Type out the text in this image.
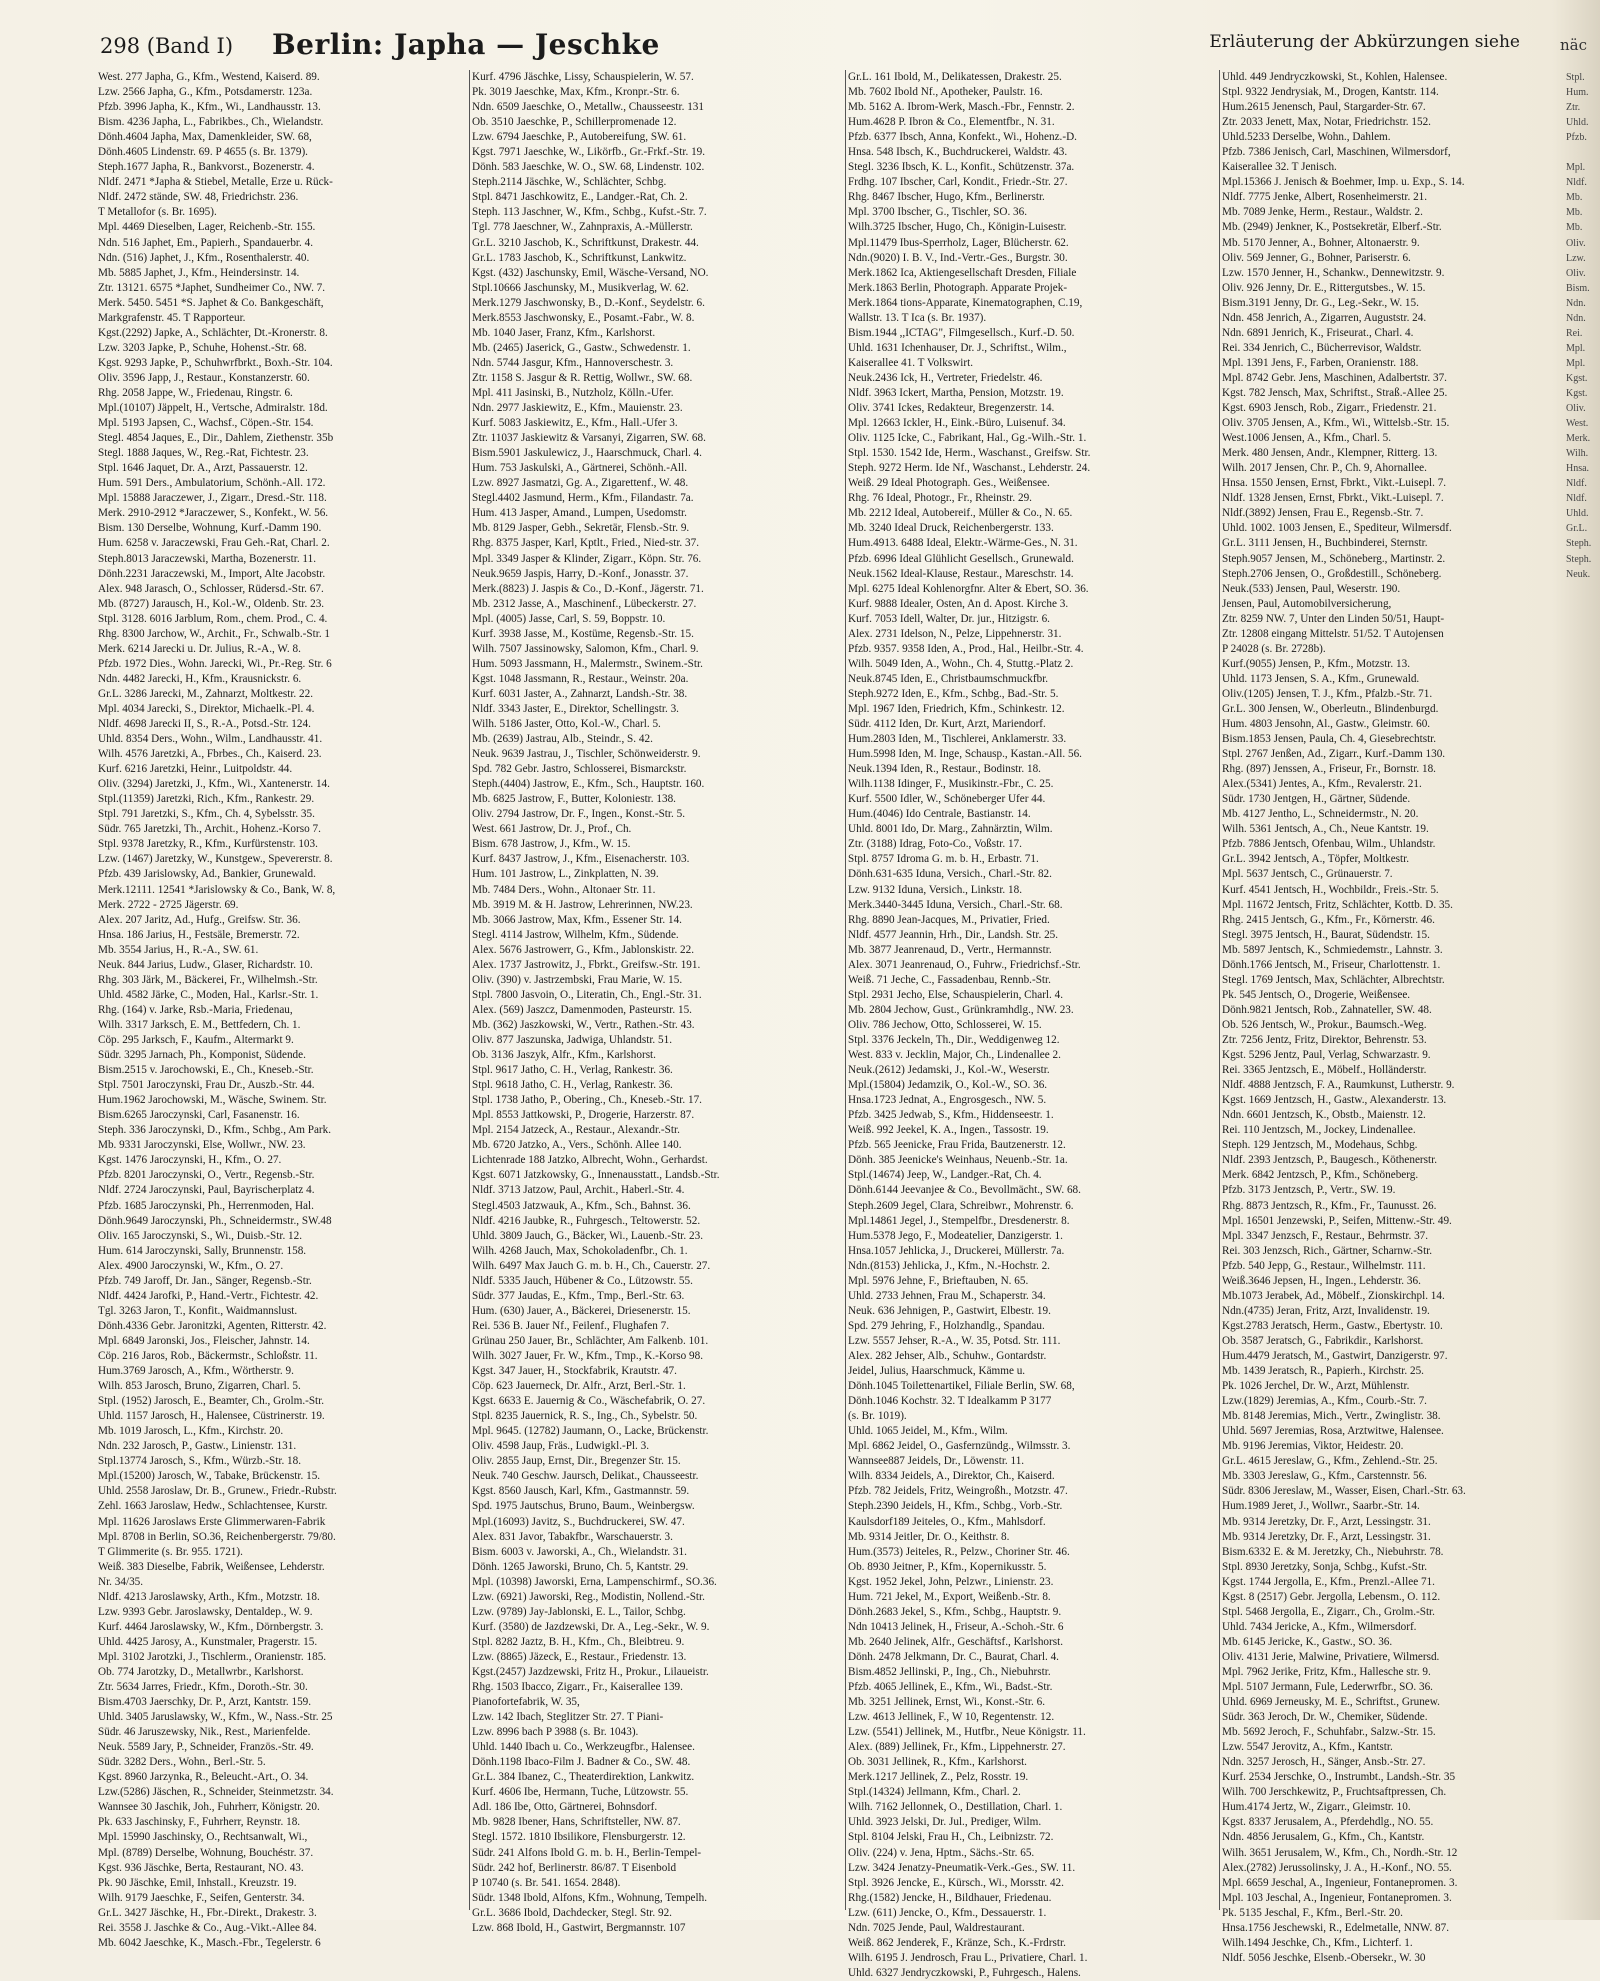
298 (Band I) Berlin: Japha — Jeschke	Erläuterung der Abkürzungen siehe	näc
West. 277 Japha, G., Kfm., Westend, Kaiserd. 89.
Lzw. 2566 Japha, G., Kfm., Potsdamerstr. 123a.
Pfzb. 3996 Japha, K., Kfm., Wi., Landhausstr. 13.
Bism. 4236 Japha, L., Fabrikbes., Ch., Wielandstr.
Dönh.4604 Japha, Max, Damenkleider, SW. 68,
Dönh.4605 Lindenstr. 69. P 4655 (s. Br. 1379).
Steph.1677 Japha, R., Bankvorst., Bozenerstr. 4.
Nldf. 2471 *Japha & Stiebel, Metalle, Erze u. Rück-
Nldf. 2472 stände, SW. 48, Friedrichstr. 236.
T Metallofor (s. Br. 1695).
Mpl. 4469 Dieselben, Lager, Reichenb.-Str. 155.
Ndn. 516 Japhet, Em., Papierh., Spandauerbr. 4.
Ndn. (516) Japhet, J., Kfm., Rosenthalerstr. 40.
Mb. 5885 Japhet, J., Kfm., Heindersinstr. 14.
Ztr. 13121. 6575 *Japhet, Sundheimer Co., NW. 7.
Merk. 5450. 5451 *S. Japhet & Co. Bankgeschäft,
Markgrafenstr. 45. T Rapporteur.
Kgst.(2292) Japke, A., Schlächter, Dt.-Kronerstr. 8.
Lzw. 3203 Japke, P., Schuhe, Hohenst.-Str. 68.
Kgst. 9293 Japke, P., Schuhwrfbrkt., Boxh.-Str. 104.
Oliv. 3596 Japp, J., Restaur., Konstanzerstr. 60.
Rhg. 2058 Jappe, W., Friedenau, Ringstr. 6.
Mpl.(10107) Jäppelt, H., Vertsche, Admiralstr. 18d.
Mpl. 5193 Japsen, C., Wachsf., Cöpen.-Str. 154.
Stegl. 4854 Jaques, E., Dir., Dahlem, Ziethenstr. 35b
Stegl. 1888 Jaques, W., Reg.-Rat, Fichtestr. 23.
Stpl. 1646 Jaquet, Dr. A., Arzt, Passauerstr. 12.
Hum. 591 Ders., Ambulatorium, Schönh.-All. 172.
Mpl. 15888 Jaraczewer, J., Zigarr., Dresd.-Str. 118.
Merk. 2910-2912 *Jaraczewer, S., Konfekt., W. 56.
Bism. 130 Derselbe, Wohnung, Kurf.-Damm 190.
Hum. 6258 v. Jaraczewski, Frau Geh.-Rat, Charl. 2.
Steph.8013 Jaraczewski, Martha, Bozenerstr. 11.
Dönh.2231 Jaraczewski, M., Import, Alte Jacobstr.
Alex. 948 Jarasch, O., Schlosser, Rüdersd.-Str. 67.
Mb. (8727) Jarausch, H., Kol.-W., Oldenb. Str. 23.
Stpl. 3128. 6016 Jarblum, Rom., chem. Prod., C. 4.
Rhg. 8300 Jarchow, W., Archit., Fr., Schwalb.-Str. 1
Merk. 6214 Jarecki u. Dr. Julius, R.-A., W. 8.
Pfzb. 1972 Dies., Wohn. Jarecki, Wi., Pr.-Reg. Str. 6
Ndn. 4482 Jarecki, H., Kfm., Krausnickstr. 6.
Gr.L. 3286 Jarecki, M., Zahnarzt, Moltkestr. 22.
Mpl. 4034 Jarecki, S., Direktor, Michaelk.-Pl. 4.
Nldf. 4698 Jarecki II, S., R.-A., Potsd.-Str. 124.
Uhld. 8354 Ders., Wohn., Wilm., Landhausstr. 41.
Wilh. 4576 Jaretzki, A., Fbrbes., Ch., Kaiserd. 23.
Kurf. 6216 Jaretzki, Heinr., Luitpoldstr. 44.
Oliv. (3294) Jaretzki, J., Kfm., Wi., Xantenerstr. 14.
Stpl.(11359) Jaretzki, Rich., Kfm., Rankestr. 29.
Stpl. 791 Jaretzki, S., Kfm., Ch. 4, Sybelsstr. 35.
Südr. 765 Jaretzki, Th., Archit., Hohenz.-Korso 7.
Stpl. 9378 Jaretzky, R., Kfm., Kurfürstenstr. 103.
Lzw. (1467) Jaretzky, W., Kunstgew., Spevererstr. 8.
Pfzb. 439 Jarislowsky, Ad., Bankier, Grunewald.
Merk.12111. 12541 *Jarislowsky & Co., Bank, W. 8,
Merk. 2722 - 2725 Jägerstr. 69.
Alex. 207 Jaritz, Ad., Hufg., Greifsw. Str. 36.
Hnsa. 186 Jarius, H., Festsäle, Bremerstr. 72.
Mb. 3554 Jarius, H., R.-A., SW. 61.
Neuk. 844 Jarius, Ludw., Glaser, Richardstr. 10.
Rhg. 303 Järk, M., Bäckerei, Fr., Wilhelmsh.-Str.
Uhld. 4582 Järke, C., Moden, Hal., Karlsr.-Str. 1.
Rhg. (164) v. Jarke, Rsb.-Maria, Friedenau,
Wilh. 3317 Jarksch, E. M., Bettfedern, Ch. 1.
Cöp. 295 Jarksch, F., Kaufm., Altermarkt 9.
Südr. 3295 Jarnach, Ph., Komponist, Südende.
Bism.2515 v. Jarochowski, E., Ch., Kneseb.-Str.
Stpl. 7501 Jaroczynski, Frau Dr., Auszb.-Str. 44.
Hum.1962 Jarochowski, M., Wäsche, Swinem. Str.
Bism.6265 Jaroczynski, Carl, Fasanenstr. 16.
Steph. 336 Jaroczynski, D., Kfm., Schbg., Am Park.
Mb. 9331 Jaroczynski, Else, Wollwr., NW. 23.
Kgst. 1476 Jaroczynski, H., Kfm., O. 27.
Pfzb. 8201 Jaroczynski, O., Vertr., Regensb.-Str.
Nldf. 2724 Jaroczynski, Paul, Bayrischerplatz 4.
Pfzb. 1685 Jaroczynski, Ph., Herrenmoden, Hal.
Dönh.9649 Jaroczynski, Ph., Schneidermstr., SW.48
Oliv. 165 Jaroczynski, S., Wi., Duisb.-Str. 12.
Hum. 614 Jaroczynski, Sally, Brunnenstr. 158.
Alex. 4900 Jaroczynski, W., Kfm., O. 27.
Pfzb. 749 Jaroff, Dr. Jan., Sänger, Regensb.-Str.
Nldf. 4424 Jarofki, P., Hand.-Vertr., Fichtestr. 42.
Tgl. 3263 Jaron, T., Konfit., Waidmannslust.
Dönh.4336 Gebr. Jaronitzki, Agenten, Ritterstr. 42.
Mpl. 6849 Jaronski, Jos., Fleischer, Jahnstr. 14.
Cöp. 216 Jaros, Rob., Bäckermstr., Schloßstr. 11.
Hum.3769 Jarosch, A., Kfm., Wörtherstr. 9.
Wilh. 853 Jarosch, Bruno, Zigarren, Charl. 5.
Stpl. (1952) Jarosch, E., Beamter, Ch., Grolm.-Str.
Uhld. 1157 Jarosch, H., Halensee, Cüstrinerstr. 19.
Mb. 1019 Jarosch, L., Kfm., Kirchstr. 20.
Ndn. 232 Jarosch, P., Gastw., Linienstr. 131.
Stpl.13774 Jarosch, S., Kfm., Würzb.-Str. 18.
Mpl.(15200) Jarosch, W., Tabake, Brückenstr. 15.
Uhld. 2558 Jaroslaw, Dr. B., Grunew., Friedr.-Rubstr.
Zehl. 1663 Jaroslaw, Hedw., Schlachtensee, Kurstr.
Mpl. 11626 Jaroslaws Erste Glimmerwaren-Fabrik
Mpl. 8708 in Berlin, SO.36, Reichenbergerstr. 79/80.
T Glimmerite (s. Br. 955. 1721).
Weiß. 383 Dieselbe, Fabrik, Weißensee, Lehderstr.
Nr. 34/35.
Nldf. 4213 Jaroslawsky, Arth., Kfm., Motzstr. 18.
Lzw. 9393 Gebr. Jaroslawsky, Dentaldep., W. 9.
Kurf. 4464 Jaroslawsky, W., Kfm., Dörnbergstr. 3.
Uhld. 4425 Jarosy, A., Kunstmaler, Pragerstr. 15.
Mpl. 3102 Jarotzki, J., Tischlerm., Oranienstr. 185.
Ob. 774 Jarotzky, D., Metallwrbr., Karlshorst.
Ztr. 5634 Jarres, Friedr., Kfm., Doroth.-Str. 30.
Bism.4703 Jaerschky, Dr. P., Arzt, Kantstr. 159.
Uhld. 3405 Jaruslawsky, W., Kfm., W., Nass.-Str. 25
Südr. 46 Jaruszewsky, Nik., Rest., Marienfelde.
Neuk. 5589 Jary, P., Schneider, Französ.-Str. 49.
Südr. 3282 Ders., Wohn., Berl.-Str. 5.
Kgst. 8960 Jarzynka, R., Beleucht.-Art., O. 34.
Lzw.(5286) Jäschen, R., Schneider, Steinmetzstr. 34.
Wannsee 30 Jaschik, Joh., Fuhrherr, Königstr. 20.
Pk. 633 Jaschinsky, F., Fuhrherr, Reynstr. 18.
Mpl. 15990 Jaschinsky, O., Rechtsanwalt, Wi.,
Mpl. (8789) Derselbe, Wohnung, Bouchéstr. 37.
Kgst. 936 Jäschke, Berta, Restaurant, NO. 43.
Pk. 90 Jäschke, Emil, Inhstall., Kreuzstr. 19.
Wilh. 9179 Jaeschke, F., Seifen, Genterstr. 34.
Gr.L. 3427 Jäschke, H., Fbr.-Direkt., Drakestr. 3.
Rei. 3558 J. Jaschke & Co., Aug.-Vikt.-Allee 84.
Mb. 6042 Jaeschke, K., Masch.-Fbr., Tegelerstr. 6
Kurf. 4796 Jäschke, Lissy, Schauspielerin, W. 57.
Pk. 3019 Jaeschke, Max, Kfm., Kronpr.-Str. 6.
Ndn. 6509 Jaeschke, O., Metallw., Chausseestr. 131
Ob. 3510 Jaeschke, P., Schillerpromenade 12.
Lzw. 6794 Jaeschke, P., Autobereifung, SW. 61.
Kgst. 7971 Jaeschke, W., Likörfb., Gr.-Frkf.-Str. 19.
Dönh. 583 Jaeschke, W. O., SW. 68, Lindenstr. 102.
Steph.2114 Jäschke, W., Schlächter, Schbg.
Stpl. 8471 Jaschkowitz, E., Landger.-Rat, Ch. 2.
Steph. 113 Jaschner, W., Kfm., Schbg., Kufst.-Str. 7.
Tgl. 778 Jaeschner, W., Zahnpraxis, A.-Müllerstr.
Gr.L. 3210 Jaschob, K., Schriftkunst, Drakestr. 44.
Gr.L. 1783 Jaschob, K., Schriftkunst, Lankwitz.
Kgst. (432) Jaschunsky, Emil, Wäsche-Versand, NO.
Stpl.10666 Jaschunsky, M., Musikverlag, W. 62.
Merk.1279 Jaschwonsky, B., D.-Konf., Seydelstr. 6.
Merk.8553 Jaschwonsky, E., Posamt.-Fabr., W. 8.
Mb. 1040 Jaser, Franz, Kfm., Karlshorst.
Mb. (2465) Jaserick, G., Gastw., Schwedenstr. 1.
Ndn. 5744 Jasgur, Kfm., Hannoverschestr. 3.
Ztr. 1158 S. Jasgur & R. Rettig, Wollwr., SW. 68.
Mpl. 411 Jasinski, B., Nutzholz, Kölln.-Ufer.
Ndn. 2977 Jaskiewitz, E., Kfm., Mauienstr. 23.
Kurf. 5083 Jaskiewitz, E., Kfm., Hall.-Ufer 3.
Ztr. 11037 Jaskiewitz & Varsanyi, Zigarren, SW. 68.
Bism.5901 Jaskulewicz, J., Haarschmuck, Charl. 4.
Hum. 753 Jaskulski, A., Gärtnerei, Schönh.-All.
Lzw. 8927 Jasmatzi, Gg. A., Zigarettenf., W. 48.
Stegl.4402 Jasmund, Herm., Kfm., Filandastr. 7a.
Hum. 413 Jasper, Amand., Lumpen, Usedomstr.
Mb. 8129 Jasper, Gebh., Sekretär, Flensb.-Str. 9.
Rhg. 8375 Jasper, Karl, Kptlt., Fried., Nied-str. 37.
Mpl. 3349 Jasper & Klinder, Zigarr., Köpn. Str. 76.
Neuk.9659 Jaspis, Harry, D.-Konf., Jonasstr. 37.
Merk.(8823) J. Jaspis & Co., D.-Konf., Jägerstr. 71.
Mb. 2312 Jasse, A., Maschinenf., Lübeckerstr. 27.
Mpl. (4005) Jasse, Carl, S. 59, Boppstr. 10.
Kurf. 3938 Jasse, M., Kostüme, Regensb.-Str. 15.
Wilh. 7507 Jassinowsky, Salomon, Kfm., Charl. 9.
Hum. 5093 Jassmann, H., Malermstr., Swinem.-Str.
Kgst. 1048 Jassmann, R., Restaur., Weinstr. 20a.
Kurf. 6031 Jaster, A., Zahnarzt, Landsh.-Str. 38.
Nldf. 3343 Jaster, E., Direktor, Schellingstr. 3.
Wilh. 5186 Jaster, Otto, Kol.-W., Charl. 5.
Mb. (2639) Jastrau, Alb., Steindr., S. 42.
Neuk. 9639 Jastrau, J., Tischler, Schönweiderstr. 9.
Spd. 782 Gebr. Jastro, Schlosserei, Bismarckstr.
Steph.(4404) Jastrow, E., Kfm., Sch., Hauptstr. 160.
Mb. 6825 Jastrow, F., Butter, Koloniestr. 138.
Oliv. 2794 Jastrow, Dr. F., Ingen., Konst.-Str. 5.
West. 661 Jastrow, Dr. J., Prof., Ch.
Bism. 678 Jastrow, J., Kfm., W. 15.
Kurf. 8437 Jastrow, J., Kfm., Eisenacherstr. 103.
Hum. 101 Jastrow, L., Zinkplatten, N. 39.
Mb. 7484 Ders., Wohn., Altonaer Str. 11.
Mb. 3919 M. & H. Jastrow, Lehrerinnen, NW.23.
Mb. 3066 Jastrow, Max, Kfm., Essener Str. 14.
Stegl. 4114 Jastrow, Wilhelm, Kfm., Südende.
Alex. 5676 Jastrowerr, G., Kfm., Jablonskistr. 22.
Alex. 1737 Jastrowitz, J., Fbrkt., Greifsw.-Str. 191.
Oliv. (390) v. Jastrzembski, Frau Marie, W. 15.
Stpl. 7800 Jasvoin, O., Literatin, Ch., Engl.-Str. 31.
Alex. (569) Jaszcz, Damenmoden, Pasteurstr. 15.
Mb. (362) Jaszkowski, W., Vertr., Rathen.-Str. 43.
Oliv. 877 Jaszunska, Jadwiga, Uhlandstr. 51.
Ob. 3136 Jaszyk, Alfr., Kfm., Karlshorst.
Stpl. 9617 Jatho, C. H., Verlag, Rankestr. 36.
Stpl. 9618 Jatho, C. H., Verlag, Rankestr. 36.
Stpl. 1738 Jatho, P., Obering., Ch., Kneseb.-Str. 17.
Mpl. 8553 Jattkowski, P., Drogerie, Harzerstr. 87.
Mpl. 2154 Jatzeck, A., Restaur., Alexandr.-Str.
Mb. 6720 Jatzko, A., Vers., Schönh. Allee 140.
Lichtenrade 188 Jatzko, Albrecht, Wohn., Gerhardst.
Kgst. 6071 Jatzkowsky, G., Innenausstatt., Landsb.-Str.
Nldf. 3713 Jatzow, Paul, Archit., Haberl.-Str. 4.
Stegl.4503 Jatzwauk, A., Kfm., Sch., Bahnst. 36.
Nldf. 4216 Jaubke, R., Fuhrgesch., Teltowerstr. 52.
Uhld. 3809 Jauch, G., Bäcker, Wi., Lauenb.-Str. 23.
Wilh. 4268 Jauch, Max, Schokoladenfbr., Ch. 1.
Wilh. 6497 Max Jauch G. m. b. H., Ch., Cauerstr. 27.
Nldf. 5335 Jauch, Hübener & Co., Lützowstr. 55.
Südr. 377 Jaudas, E., Kfm., Tmp., Berl.-Str. 63.
Hum. (630) Jauer, A., Bäckerei, Driesenerstr. 15.
Rei. 536 B. Jauer Nf., Feilenf., Flughafen 7.
Grünau 250 Jauer, Br., Schlächter, Am Falkenb. 101.
Wilh. 3027 Jauer, Fr. W., Kfm., Tmp., K.-Korso 98.
Kgst. 347 Jauer, H., Stockfabrik, Krautstr. 47.
Cöp. 623 Jauerneck, Dr. Alfr., Arzt, Berl.-Str. 1.
Kgst. 6633 E. Jauernig & Co., Wäschefabrik, O. 27.
Stpl. 8235 Jauernick, R. S., Ing., Ch., Sybelstr. 50.
Mpl. 9645. (12782) Jaumann, O., Lacke, Brückenstr.
Oliv. 4598 Jaup, Fräs., Ludwigkl.-Pl. 3.
Oliv. 2855 Jaup, Ernst, Dir., Bregenzer Str. 15.
Neuk. 740 Geschw. Jaursch, Delikat., Chausseestr.
Kgst. 8560 Jausch, Karl, Kfm., Gastmannstr. 59.
Spd. 1975 Jautschus, Bruno, Baum., Weinbergsw.
Mpl.(16093) Javitz, S., Buchdruckerei, SW. 47.
Alex. 831 Javor, Tabakfbr., Warschauerstr. 3.
Bism. 6003 v. Jaworski, A., Ch., Wielandstr. 31.
Dönh. 1265 Jaworski, Bruno, Ch. 5, Kantstr. 29.
Mpl. (10398) Jaworski, Erna, Lampenschirmf., SO.36.
Lzw. (6921) Jaworski, Reg., Modistin, Nollend.-Str.
Lzw. (9789) Jay-Jablonski, E. L., Tailor, Schbg.
Kurf. (3580) de Jazdzewski, Dr. A., Leg.-Sekr., W. 9.
Stpl. 8282 Jaztz, B. H., Kfm., Ch., Bleibtreu. 9.
Lzw. (8865) Jäzeck, E., Restaur., Friedenstr. 13.
Kgst.(2457) Jazdzewski, Fritz H., Prokur., Lilaueistr.
Rhg. 1503 Ibacco, Zigarr., Fr., Kaiserallee 139.
Pianofortefabrik, W. 35,
Lzw. 142 Ibach, Steglitzer Str. 27. T Piani-
Lzw. 8996 bach P 3988 (s. Br. 1043).
Uhld. 1440 Ibach u. Co., Werkzeugfbr., Halensee.
Dönh.1198 Ibaco-Film J. Badner & Co., SW. 48.
Gr.L. 384 Ibanez, C., Theaterdirektion, Lankwitz.
Kurf. 4606 Ibe, Hermann, Tuche, Lützowstr. 55.
Adl. 186 Ibe, Otto, Gärtnerei, Bohnsdorf.
Mb. 9828 Ibener, Hans, Schriftsteller, NW. 87.
Stegl. 1572. 1810 Ibsilikore, Flensburgerstr. 12.
Südr. 241 Alfons Ibold G. m. b. H., Berlin-Tempel-
Südr. 242 hof, Berlinerstr. 86/87. T Eisenbold
P 10740 (s. Br. 541. 1654. 2848).
Südr. 1348 Ibold, Alfons, Kfm., Wohnung, Tempelh.
Gr.L. 3686 Ibold, Dachdecker, Stegl. Str. 92.
Lzw. 868 Ibold, H., Gastwirt, Bergmannstr. 107
Gr.L. 161 Ibold, M., Delikatessen, Drakestr. 25.
Mb. 7602 Ibold Nf., Apotheker, Paulstr. 16.
Mb. 5162 A. Ibrom-Werk, Masch.-Fbr., Fennstr. 2.
Hum.4628 P. Ibron & Co., Elementfbr., N. 31.
Pfzb. 6377 Ibsch, Anna, Konfekt., Wi., Hohenz.-D.
Hnsa. 548 Ibsch, K., Buchdruckerei, Waldstr. 43.
Stegl. 3236 Ibsch, K. L., Konfit., Schützenstr. 37a.
Frdhg. 107 Ibscher, Carl, Kondit., Friedr.-Str. 27.
Rhg. 8467 Ibscher, Hugo, Kfm., Berlinerstr.
Mpl. 3700 Ibscher, G., Tischler, SO. 36.
Wilh.3725 Ibscher, Hugo, Ch., Königin-Luisestr.
Mpl.11479 Ibus-Sperrholz, Lager, Blücherstr. 62.
Ndn.(9020) I. B. V., Ind.-Vertr.-Ges., Burgstr. 30.
Merk.1862 Ica, Aktiengesellschaft Dresden, Filiale
Merk.1863 Berlin, Photograph. Apparate Projek-
Merk.1864 tions-Apparate, Kinematographen, C.19,
Wallstr. 13. T Ica (s. Br. 1937).
Bism.1944 ,,ICTAG", Filmgesellsch., Kurf.-D. 50.
Uhld. 1631 Ichenhauser, Dr. J., Schriftst., Wilm.,
Kaiserallee 41. T Volkswirt.
Neuk.2436 Ick, H., Vertreter, Friedelstr. 46.
Nldf. 3963 Ickert, Martha, Pension, Motzstr. 19.
Oliv. 3741 Ickes, Redakteur, Bregenzerstr. 14.
Mpl. 12663 Ickler, H., Eink.-Büro, Luisenuf. 34.
Oliv. 1125 Icke, C., Fabrikant, Hal., Gg.-Wilh.-Str. 1.
Stpl. 1530. 1542 Ide, Herm., Waschanst., Greifsw. Str.
Steph. 9272 Herm. Ide Nf., Waschanst., Lehderstr. 24.
Weiß. 29 Ideal Photograph. Ges., Weißensee.
Rhg. 76 Ideal, Photogr., Fr., Rheinstr. 29.
Mb. 2212 Ideal, Autobereif., Müller & Co., N. 65.
Mb. 3240 Ideal Druck, Reichenbergerstr. 133.
Hum.4913. 6488 Ideal, Elektr.-Wärme-Ges., N. 31.
Pfzb. 6996 Ideal Glühlicht Gesellsch., Grunewald.
Neuk.1562 Ideal-Klause, Restaur., Mareschstr. 14.
Mpl. 6275 Ideal Kohlenorgfnr. Alter & Ebert, SO. 36.
Kurf. 9888 Idealer, Osten, An d. Apost. Kirche 3.
Kurf. 7053 Idell, Walter, Dr. jur., Hitzigstr. 6.
Alex. 2731 Idelson, N., Pelze, Lippehnerstr. 31.
Pfzb. 9357. 9358 Iden, A., Prod., Hal., Heilbr.-Str. 4.
Wilh. 5049 Iden, A., Wohn., Ch. 4, Stuttg.-Platz 2.
Neuk.8745 Iden, E., Christbaumschmuckfbr.
Steph.9272 Iden, E., Kfm., Schbg., Bad.-Str. 5.
Mpl. 1967 Iden, Friedrich, Kfm., Schinkestr. 12.
Südr. 4112 Iden, Dr. Kurt, Arzt, Mariendorf.
Hum.2803 Iden, M., Tischlerei, Anklamerstr. 33.
Hum.5998 Iden, M. Inge, Schausp., Kastan.-All. 56.
Neuk.1394 Iden, R., Restaur., Bodinstr. 18.
Wilh.1138 Idinger, F., Musikinstr.-Fbr., C. 25.
Kurf. 5500 Idler, W., Schöneberger Ufer 44.
Hum.(4046) Ido Centrale, Bastianstr. 14.
Uhld. 8001 Ido, Dr. Marg., Zahnärztin, Wilm.
Ztr. (3188) Idrag, Foto-Co., Voßstr. 17.
Stpl. 8757 Idroma G. m. b. H., Erbastr. 71.
Dönh.631-635 Iduna, Versich., Charl.-Str. 82.
Lzw. 9132 Iduna, Versich., Linkstr. 18.
Merk.3440-3445 Iduna, Versich., Charl.-Str. 68.
Rhg. 8890 Jean-Jacques, M., Privatier, Fried.
Nldf. 4577 Jeannin, Hrh., Dir., Landsh. Str. 25.
Mb. 3877 Jeanrenaud, D., Vertr., Hermannstr.
Alex. 3071 Jeanrenaud, O., Fuhrw., Friedrichsf.-Str.
Weiß. 71 Jeche, C., Fassadenbau, Rennb.-Str.
Stpl. 2931 Jecho, Else, Schauspielerin, Charl. 4.
Mb. 2804 Jechow, Gust., Grünkramhdlg., NW. 23.
Oliv. 786 Jechow, Otto, Schlosserei, W. 15.
Stpl. 3376 Jeckeln, Th., Dir., Weddigenweg 12.
West. 833 v. Jecklin, Major, Ch., Lindenallee 2.
Neuk.(2612) Jedamski, J., Kol.-W., Weserstr.
Mpl.(15804) Jedamzik, O., Kol.-W., SO. 36.
Hnsa.1723 Jednat, A., Engrosgesch., NW. 5.
Pfzb. 3425 Jedwab, S., Kfm., Hiddenseestr. 1.
Weiß. 992 Jeekel, K. A., Ingen., Tassostr. 19.
Pfzb. 565 Jeenicke, Frau Frida, Bautzenerstr. 12.
Dönh. 385 Jeenicke's Weinhaus, Neuenb.-Str. 1a.
Stpl.(14674) Jeep, W., Landger.-Rat, Ch. 4.
Dönh.6144 Jeevanjee & Co., Bevollmächt., SW. 68.
Steph.2609 Jegel, Clara, Schreibwr., Mohrenstr. 6.
Mpl.14861 Jegel, J., Stempelfbr., Dresdenerstr. 8.
Hum.5378 Jego, F., Modeatelier, Danzigerstr. 1.
Hnsa.1057 Jehlicka, J., Druckerei, Müllerstr. 7a.
Ndn.(8153) Jehlicka, J., Kfm., N.-Hochstr. 2.
Mpl. 5976 Jehne, F., Brieftauben, N. 65.
Uhld. 2733 Jehnen, Frau M., Schaperstr. 34.
Neuk. 636 Jehnigen, P., Gastwirt, Elbestr. 19.
Spd. 279 Jehring, F., Holzhandlg., Spandau.
Lzw. 5557 Jehser, R.-A., W. 35, Potsd. Str. 111.
Alex. 282 Jehser, Alb., Schuhw., Gontardstr.
Jeidel, Julius, Haarschmuck, Kämme u.
Dönh.1045 Toilettenartikel, Filiale Berlin, SW. 68,
Dönh.1046 Kochstr. 32. T Idealkamm P 3177
(s. Br. 1019).
Uhld. 1065 Jeidel, M., Kfm., Wilm.
Mpl. 6862 Jeidel, O., Gasfernzündg., Wilmsstr. 3.
Wannsee887 Jeidels, Dr., Löwenstr. 11.
Wilh. 8334 Jeidels, A., Direktor, Ch., Kaiserd.
Pfzb. 782 Jeidels, Fritz, Weingroßh., Motzstr. 47.
Steph.2390 Jeidels, H., Kfm., Schbg., Vorb.-Str.
Kaulsdorf189 Jeiteles, O., Kfm., Mahlsdorf.
Mb. 9314 Jeitler, Dr. O., Keithstr. 8.
Hum.(3573) Jeiteles, R., Pelzw., Choriner Str. 46.
Ob. 8930 Jeitner, P., Kfm., Kopernikusstr. 5.
Kgst. 1952 Jekel, John, Pelzwr., Linienstr. 23.
Hum. 721 Jekel, M., Export, Weißenb.-Str. 8.
Dönh.2683 Jekel, S., Kfm., Schbg., Hauptstr. 9.
Ndn 10413 Jelinek, H., Friseur, A.-Schoh.-Str. 6
Mb. 2640 Jelinek, Alfr., Geschäftsf., Karlshorst.
Dönh. 2478 Jelkmann, Dr. C., Baurat, Charl. 4.
Bism.4852 Jellinski, P., Ing., Ch., Niebuhrstr.
Pfzb. 4065 Jellinek, E., Kfm., Wi., Badst.-Str.
Mb. 3251 Jellinek, Ernst, Wi., Konst.-Str. 6.
Lzw. 4613 Jellinek, F., W 10, Regentenstr. 12.
Lzw. (5541) Jellinek, M., Hutfbr., Neue Königstr. 11.
Alex. (889) Jellinek, Fr., Kfm., Lippehnerstr. 27.
Ob. 3031 Jellinek, R., Kfm., Karlshorst.
Merk.1217 Jellinek, Z., Pelz, Rosstr. 19.
Stpl.(14324) Jellmann, Kfm., Charl. 2.
Wilh. 7162 Jellonnek, O., Destillation, Charl. 1.
Uhld. 3923 Jelski, Dr. Jul., Prediger, Wilm.
Stpl. 8104 Jelski, Frau H., Ch., Leibnizstr. 72.
Oliv. (224) v. Jena, Hptm., Sächs.-Str. 65.
Lzw. 3424 Jenatzy-Pneumatik-Verk.-Ges., SW. 11.
Stpl. 3926 Jencke, E., Kürsch., Wi., Morsstr. 42.
Rhg.(1582) Jencke, H., Bildhauer, Friedenau.
Lzw. (611) Jencke, O., Kfm., Dessauerstr. 1.
Ndn. 7025 Jende, Paul, Waldrestaurant.
Weiß. 862 Jenderek, F., Kränze, Sch., K.-Frdrstr.
Wilh. 6195 J. Jendrosch, Frau L., Privatiere, Charl. 1.
Uhld. 6327 Jendryczkowski, P., Fuhrgesch., Halens.
Uhld. 449 Jendryczkowski, St., Kohlen, Halensee.
Stpl. 9322 Jendrysiak, M., Drogen, Kantstr. 114.
Hum.2615 Jenensch, Paul, Stargarder-Str. 67.
Ztr. 2033 Jenett, Max, Notar, Friedrichstr. 152.
Uhld.5233 Derselbe, Wohn., Dahlem.
Pfzb. 7386 Jenisch, Carl, Maschinen, Wilmersdorf,
Kaiserallee 32. T Jenisch.
Mpl.15366 J. Jenisch & Boehmer, Imp. u. Exp., S. 14.
Nldf. 7775 Jenke, Albert, Rosenheimerstr. 21.
Mb. 7089 Jenke, Herm., Restaur., Waldstr. 2.
Mb. (2949) Jenkner, K., Postsekretär, Elberf.-Str.
Mb. 5170 Jenner, A., Bohner, Altonaerstr. 9.
Oliv. 569 Jenner, G., Bohner, Pariserstr. 6.
Lzw. 1570 Jenner, H., Schankw., Dennewitzstr. 9.
Oliv. 926 Jenny, Dr. E., Rittergutsbes., W. 15.
Bism.3191 Jenny, Dr. G., Leg.-Sekr., W. 15.
Ndn. 458 Jenrich, A., Zigarren, Auguststr. 24.
Ndn. 6891 Jenrich, K., Friseurat., Charl. 4.
Rei. 334 Jenrich, C., Bücherrevisor, Waldstr.
Mpl. 1391 Jens, F., Farben, Oranienstr. 188.
Mpl. 8742 Gebr. Jens, Maschinen, Adalbertstr. 37.
Kgst. 782 Jensch, Max, Schriftst., Straß.-Allee 25.
Kgst. 6903 Jensch, Rob., Zigarr., Friedenstr. 21.
Oliv. 3705 Jensen, A., Kfm., Wi., Wittelsb.-Str. 15.
West.1006 Jensen, A., Kfm., Charl. 5.
Merk. 480 Jensen, Andr., Klempner, Ritterg. 13.
Wilh. 2017 Jensen, Chr. P., Ch. 9, Ahornallee.
Hnsa. 1550 Jensen, Ernst, Fbrkt., Vikt.-Luisepl. 7.
Nldf. 1328 Jensen, Ernst, Fbrkt., Vikt.-Luisepl. 7.
Nldf.(3892) Jensen, Frau E., Regensb.-Str. 7.
Uhld. 1002. 1003 Jensen, E., Spediteur, Wilmersdf.
Gr.L. 3111 Jensen, H., Buchbinderei, Sternstr.
Steph.9057 Jensen, M., Schöneberg., Martinstr. 2.
Steph.2706 Jensen, O., Großdestill., Schöneberg.
Neuk.(533) Jensen, Paul, Weserstr. 190.
Jensen, Paul, Automobilversicherung,
Ztr. 8259 NW. 7, Unter den Linden 50/51, Haupt-
Ztr. 12808 eingang Mittelstr. 51/52. T Autojensen
P 24028 (s. Br. 2728b).
Kurf.(9055) Jensen, P., Kfm., Motzstr. 13.
Uhld. 1173 Jensen, S. A., Kfm., Grunewald.
Oliv.(1205) Jensen, T. J., Kfm., Pfalzb.-Str. 71.
Gr.L. 300 Jensen, W., Oberleutn., Blindenburgd.
Hum. 4803 Jensohn, Al., Gastw., Gleimstr. 60.
Bism.1853 Jensen, Paula, Ch. 4, Giesebrechtstr.
Stpl. 2767 Jenßen, Ad., Zigarr., Kurf.-Damm 130.
Rhg. (897) Jenssen, A., Friseur, Fr., Bornstr. 18.
Alex.(5341) Jentes, A., Kfm., Revalerstr. 21.
Südr. 1730 Jentgen, H., Gärtner, Südende.
Mb. 4127 Jentho, L., Schneidermstr., N. 20.
Wilh. 5361 Jentsch, A., Ch., Neue Kantstr. 19.
Pfzb. 7886 Jentsch, Ofenbau, Wilm., Uhlandstr.
Gr.L. 3942 Jentsch, A., Töpfer, Moltkestr.
Mpl. 5637 Jentsch, C., Grünauerstr. 7.
Kurf. 4541 Jentsch, H., Wochbildr., Freis.-Str. 5.
Mpl. 11672 Jentsch, Fritz, Schlächter, Kottb. D. 35.
Rhg. 2415 Jentsch, G., Kfm., Fr., Körnerstr. 46.
Stegl. 3975 Jentsch, H., Baurat, Südendstr. 15.
Mb. 5897 Jentsch, K., Schmiedemstr., Lahnstr. 3.
Dönh.1766 Jentsch, M., Friseur, Charlottenstr. 1.
Stegl. 1769 Jentsch, Max, Schlächter, Albrechtstr.
Pk. 545 Jentsch, O., Drogerie, Weißensee.
Dönh.9821 Jentsch, Rob., Zahnateller, SW. 48.
Ob. 526 Jentsch, W., Prokur., Baumsch.-Weg.
Ztr. 7256 Jentz, Fritz, Direktor, Behrenstr. 53.
Kgst. 5296 Jentz, Paul, Verlag, Schwarzastr. 9.
Rei. 3365 Jentzsch, E., Möbelf., Holländerstr.
Nldf. 4888 Jentzsch, F. A., Raumkunst, Lutherstr. 9.
Kgst. 1669 Jentzsch, H., Gastw., Alexanderstr. 13.
Ndn. 6601 Jentzsch, K., Obstb., Maienstr. 12.
Rei. 110 Jentzsch, M., Jockey, Lindenallee.
Steph. 129 Jentzsch, M., Modehaus, Schbg.
Nldf. 2393 Jentzsch, P., Baugesch., Köthenerstr.
Merk. 6842 Jentzsch, P., Kfm., Schöneberg.
Pfzb. 3173 Jentzsch, P., Vertr., SW. 19.
Rhg. 8873 Jentzsch, R., Kfm., Fr., Taunusst. 26.
Mpl. 16501 Jenzewski, P., Seifen, Mittenw.-Str. 49.
Mpl. 3347 Jenzsch, F., Restaur., Behrmstr. 37.
Rei. 303 Jenzsch, Rich., Gärtner, Scharnw.-Str.
Pfzb. 540 Jepp, G., Restaur., Wilhelmstr. 111.
Weiß.3646 Jepsen, H., Ingen., Lehderstr. 36.
Mb.1073 Jerabek, Ad., Möbelf., Zionskirchpl. 14.
Ndn.(4735) Jeran, Fritz, Arzt, Invalidenstr. 19.
Kgst.2783 Jeratsch, Herm., Gastw., Ebertystr. 10.
Ob. 3587 Jeratsch, G., Fabrikdir., Karlshorst.
Hum.4479 Jeratsch, M., Gastwirt, Danzigerstr. 97.
Mb. 1439 Jeratsch, R., Papierh., Kirchstr. 25.
Pk. 1026 Jerchel, Dr. W., Arzt, Mühlenstr.
Lzw.(1829) Jeremias, A., Kfm., Courb.-Str. 7.
Mb. 8148 Jeremias, Mich., Vertr., Zwinglistr. 38.
Uhld. 5697 Jeremias, Rosa, Arztwitwe, Halensee.
Mb. 9196 Jeremias, Viktor, Heidestr. 20.
Gr.L. 4615 Jereslaw, G., Kfm., Zehlend.-Str. 25.
Mb. 3303 Jereslaw, G., Kfm., Carstennstr. 56.
Südr. 8306 Jereslaw, M., Wasser, Eisen, Charl.-Str. 63.
Hum.1989 Jeret, J., Wollwr., Saarbr.-Str. 14.
Mb. 9314 Jeretzky, Dr. F., Arzt, Lessingstr. 31.
Mb. 9314 Jeretzky, Dr. F., Arzt, Lessingstr. 31.
Bism.6332 E. & M. Jeretzky, Ch., Niebuhrstr. 78.
Stpl. 8930 Jeretzky, Sonja, Schbg., Kufst.-Str.
Kgst. 1744 Jergolla, E., Kfm., Prenzl.-Allee 71.
Kgst. 8 (2517) Gebr. Jergolla, Lebensm., O. 112.
Stpl. 5468 Jergolla, E., Zigarr., Ch., Grolm.-Str.
Uhld. 7434 Jericke, A., Kfm., Wilmersdorf.
Mb. 6145 Jericke, K., Gastw., SO. 36.
Oliv. 4131 Jerie, Malwine, Privatiere, Wilmersd.
Mpl. 7962 Jerike, Fritz, Kfm., Hallesche str. 9.
Mpl. 5107 Jermann, Fule, Lederwrfbr., SO. 36.
Uhld. 6969 Jerneusky, M. E., Schriftst., Grunew.
Südr. 363 Jeroch, Dr. W., Chemiker, Südende.
Mb. 5692 Jeroch, F., Schuhfabr., Salzw.-Str. 15.
Lzw. 5547 Jerovitz, A., Kfm., Kantstr.
Ndn. 3257 Jerosch, H., Sänger, Ansb.-Str. 27.
Kurf. 2534 Jerschke, O., Instrumbt., Landsh.-Str. 35
Wilh. 700 Jerschkewitz, P., Fruchtsaftpressen, Ch.
Hum.4174 Jertz, W., Zigarr., Gleimstr. 10.
Kgst. 8337 Jerusalem, A., Pferdehdlg., NO. 55.
Ndn. 4856 Jerusalem, G., Kfm., Ch., Kantstr.
Wilh. 3651 Jerusalem, W., Kfm., Ch., Nordh.-Str. 12
Alex.(2782) Jerussolinsky, J. A., H.-Konf., NO. 55.
Mpl. 6659 Jeschal, A., Ingenieur, Fontanepromen. 3.
Mpl. 103 Jeschal, A., Ingenieur, Fontanepromen. 3.
Pk. 5135 Jeschal, F., Kfm., Berl.-Str. 20.
Hnsa.1756 Jeschewski, R., Edelmetalle, NNW. 87.
Wilh.1494 Jeschke, Ch., Kfm., Lichterf. 1.
Nldf. 5056 Jeschke, Elsenb.-Obersekr., W. 30
Stpl.
Hum.
Ztr.
Uhld.
Pfzb.

Mpl.
Nldf.
Mb.
Mb.
Mb.
Oliv.
Lzw.
Oliv.
Bism.
Ndn.
Ndn.
Rei.
Mpl.
Mpl.
Kgst.
Kgst.
Oliv.
West.
Merk.
Wilh.
Hnsa.
Nldf.
Nldf.
Uhld.
Gr.L.
Steph.
Steph.
Neuk.
